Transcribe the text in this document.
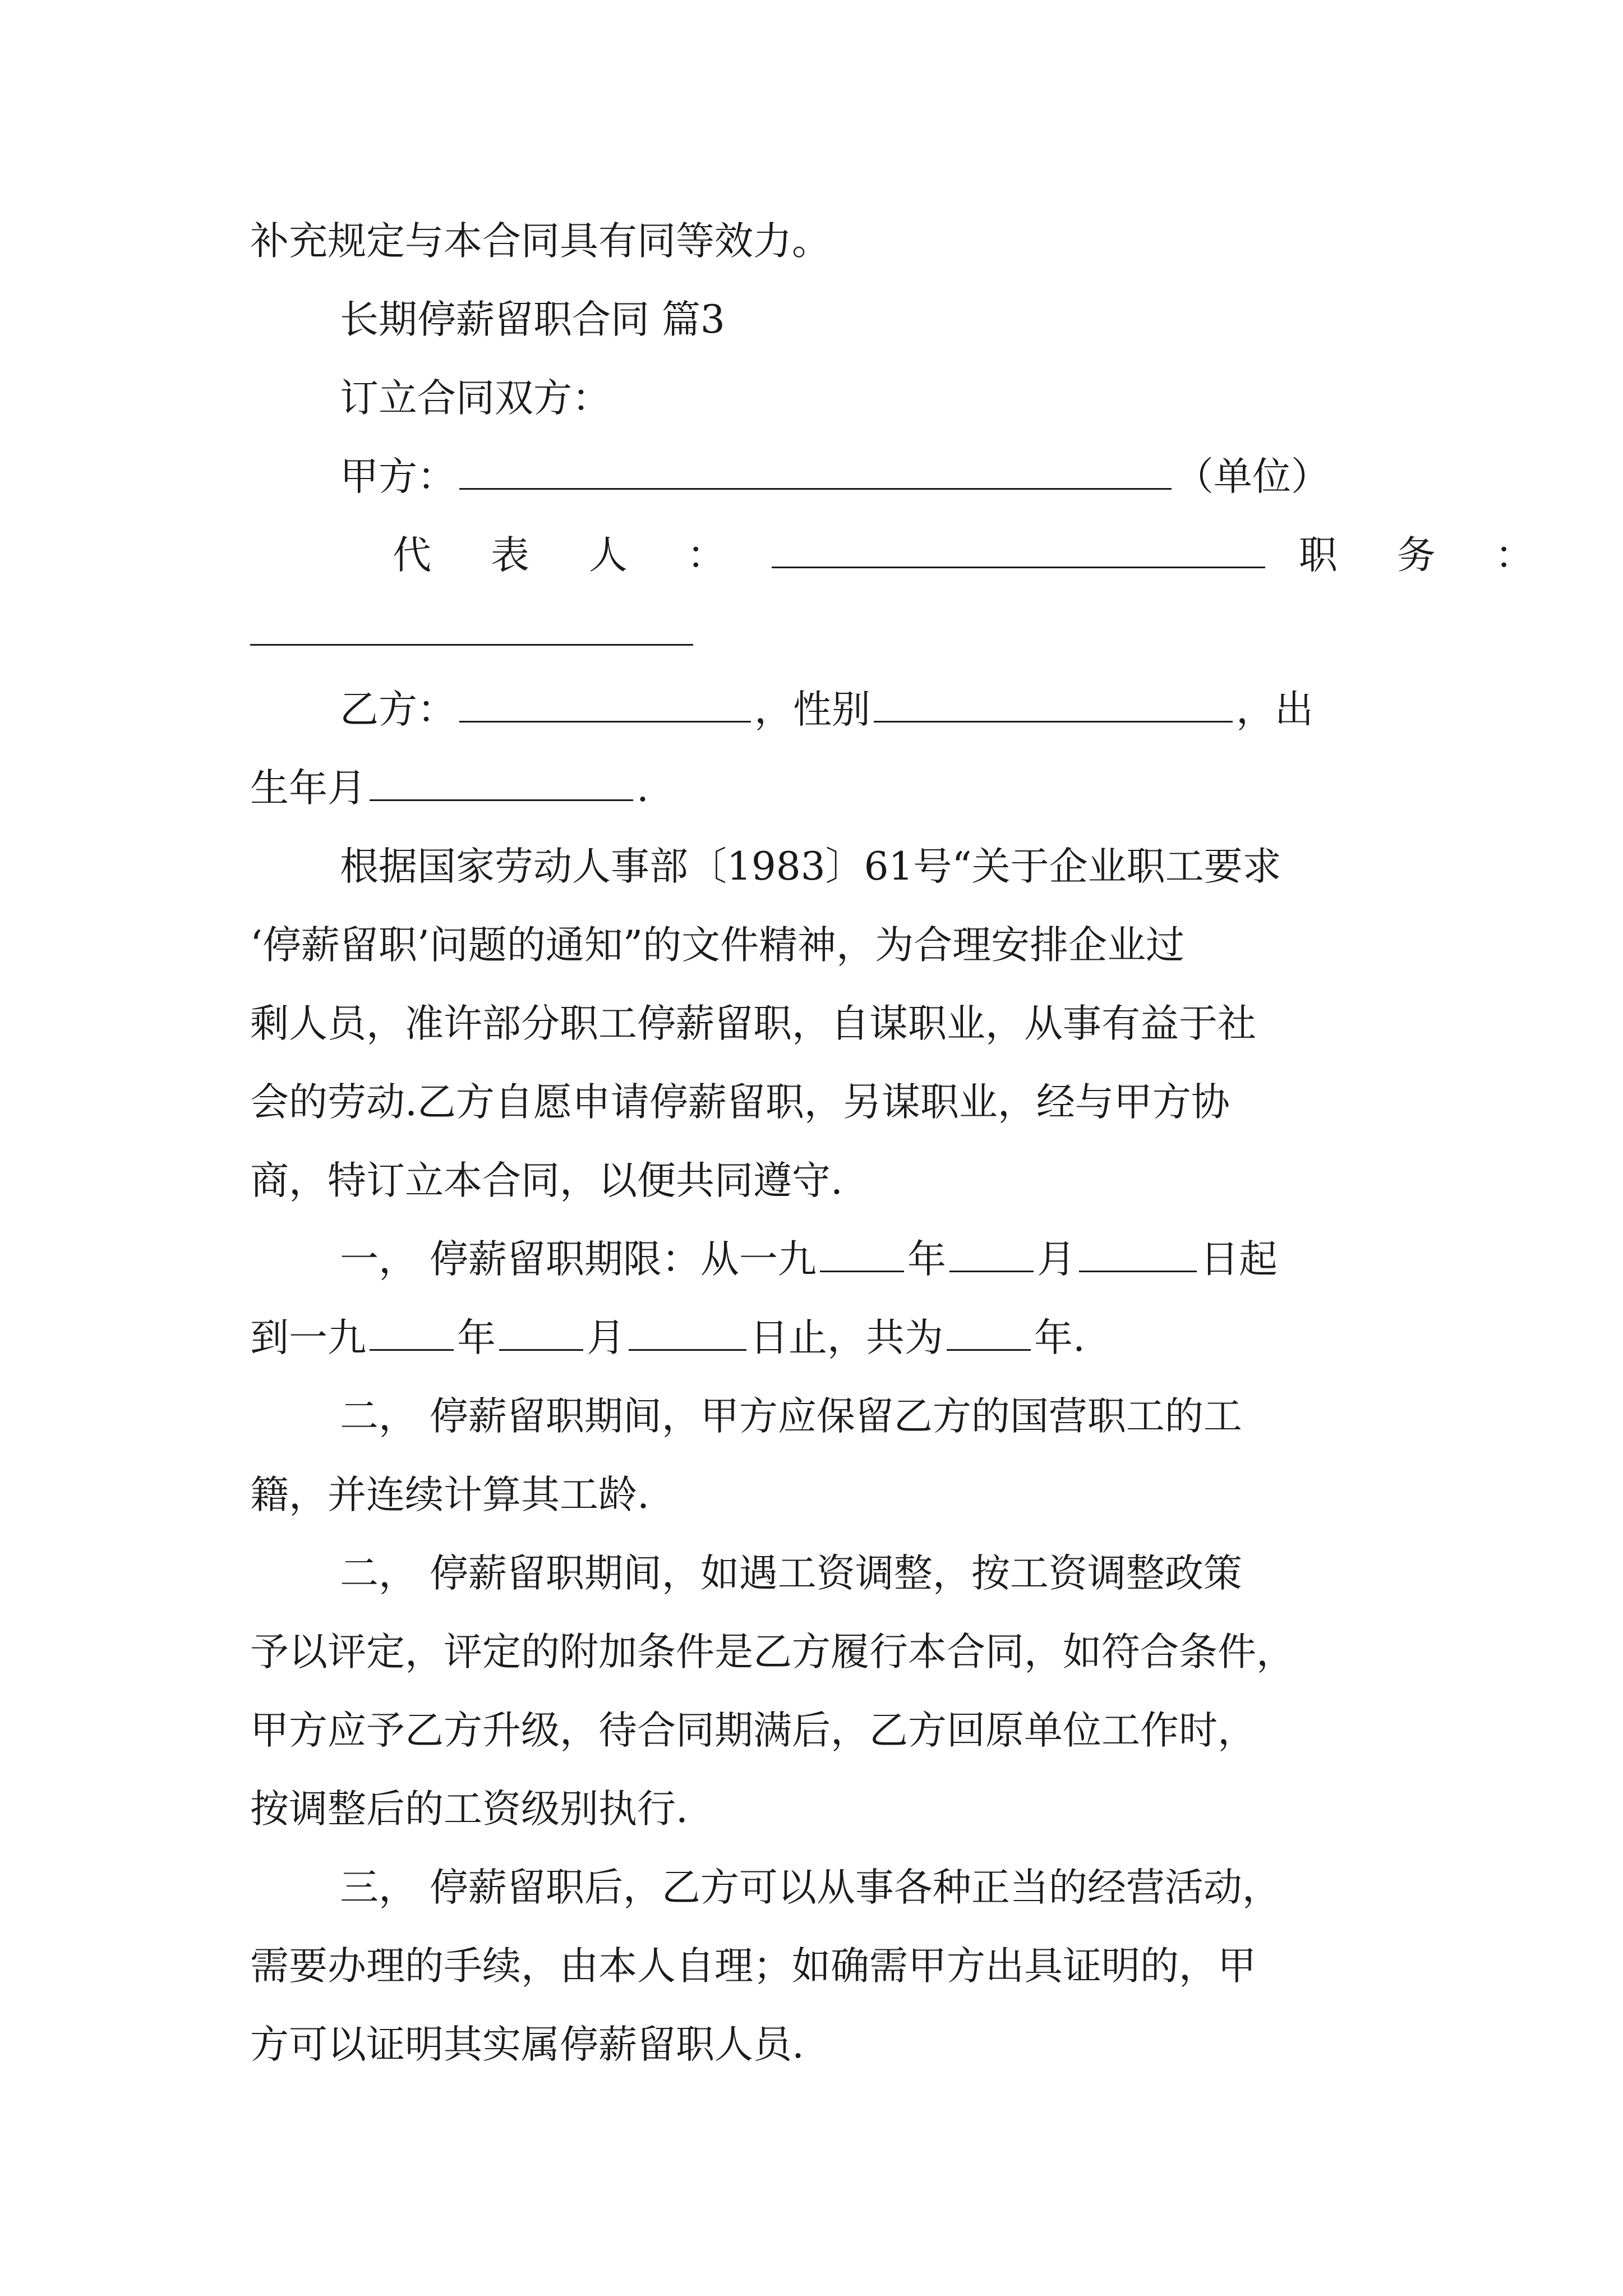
补充规定与本合同具有同等效力。
长期停薪留职合同 篇3
订立合同双方：
甲方：	（单位）
代 表 人 ：	职 务 ：
乙方：	，性别	，出
生年月	.
根据国家劳动人事部〔1983〕61号“关于企业职工要求
‘停薪留职’问题的通知”的文件精神，为合理安排企业过
剩人员，准许部分职工停薪留职，自谋职业，从事有益于社
会的劳动.乙方自愿申请停薪留职，另谋职业，经与甲方协
商，特订立本合同，以便共同遵守.
一， 停薪留职期限：从一九 年 月	日起
到一九 年 月	日止，共为 年.
二， 停薪留职期间，甲方应保留乙方的国营职工的工
籍，并连续计算其工龄.
二， 停薪留职期间，如遇工资调整，按工资调整政策
予以评定，评定的附加条件是乙方履行本合同，如符合条件，
甲方应予乙方升级，待合同期满后，乙方回原单位工作时，
按调整后的工资级别执行.
三， 停薪留职后，乙方可以从事各种正当的经营活动，
需要办理的手续，由本人自理；如确需甲方出具证明的，甲
方可以证明其实属停薪留职人员.
